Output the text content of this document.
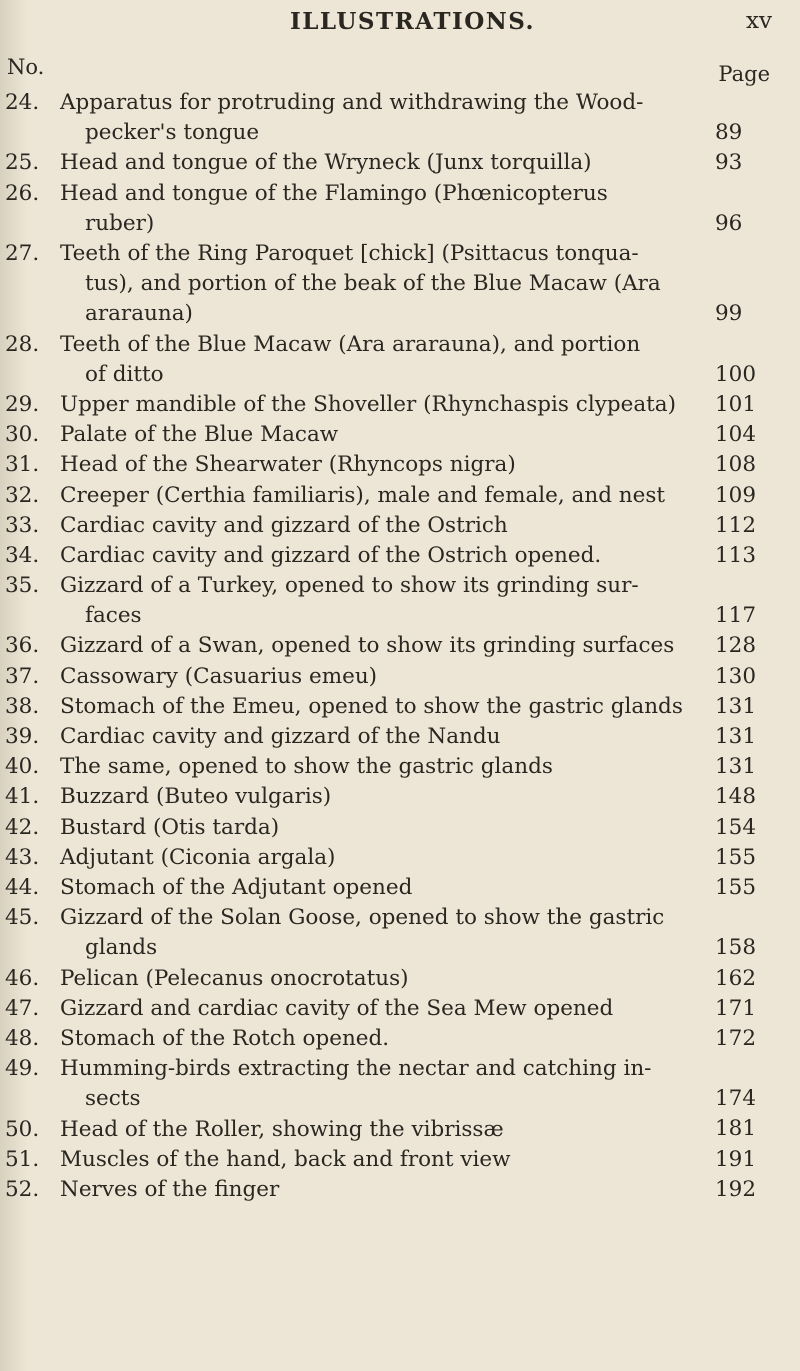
ILLUSTRATIONS.	xv
No.	Page
24. Apparatus for protruding and withdrawing the Wood-
pecker's tongue	89
25. Head and tongue of the Wryneck (Junx torquilla)	93
26. Head and tongue of the Flamingo (Phœnicopterus
ruber)	96
27. Teeth of the Ring Paroquet [chick] (Psittacus tonqua-
tus), and portion of the beak of the Blue Macaw (Ara
ararauna)	99
28. Teeth of the Blue Macaw (Ara ararauna), and portion
of ditto	100
29. Upper mandible of the Shoveller (Rhynchaspis clypeata)	101
30. Palate of the Blue Macaw	104
31. Head of the Shearwater (Rhyncops nigra)	108
32. Creeper (Certhia familiaris), male and female, and nest	109
33. Cardiac cavity and gizzard of the Ostrich	112
34. Cardiac cavity and gizzard of the Ostrich opened.	113
35. Gizzard of a Turkey, opened to show its grinding sur-
faces	117
36. Gizzard of a Swan, opened to show its grinding surfaces	128
37. Cassowary (Casuarius emeu)	130
38. Stomach of the Emeu, opened to show the gastric glands	131
39. Cardiac cavity and gizzard of the Nandu	131
40. The same, opened to show the gastric glands	131
41. Buzzard (Buteo vulgaris)	148
42. Bustard (Otis tarda)	154
43. Adjutant (Ciconia argala)	155
44. Stomach of the Adjutant opened	155
45. Gizzard of the Solan Goose, opened to show the gastric
glands	158
46. Pelican (Pelecanus onocrotatus)	162
47. Gizzard and cardiac cavity of the Sea Mew opened	171
48. Stomach of the Rotch opened.	172
49. Humming-birds extracting the nectar and catching in-
sects	174
50. Head of the Roller, showing the vibrissæ	181
51. Muscles of the hand, back and front view	191
52. Nerves of the finger	192
